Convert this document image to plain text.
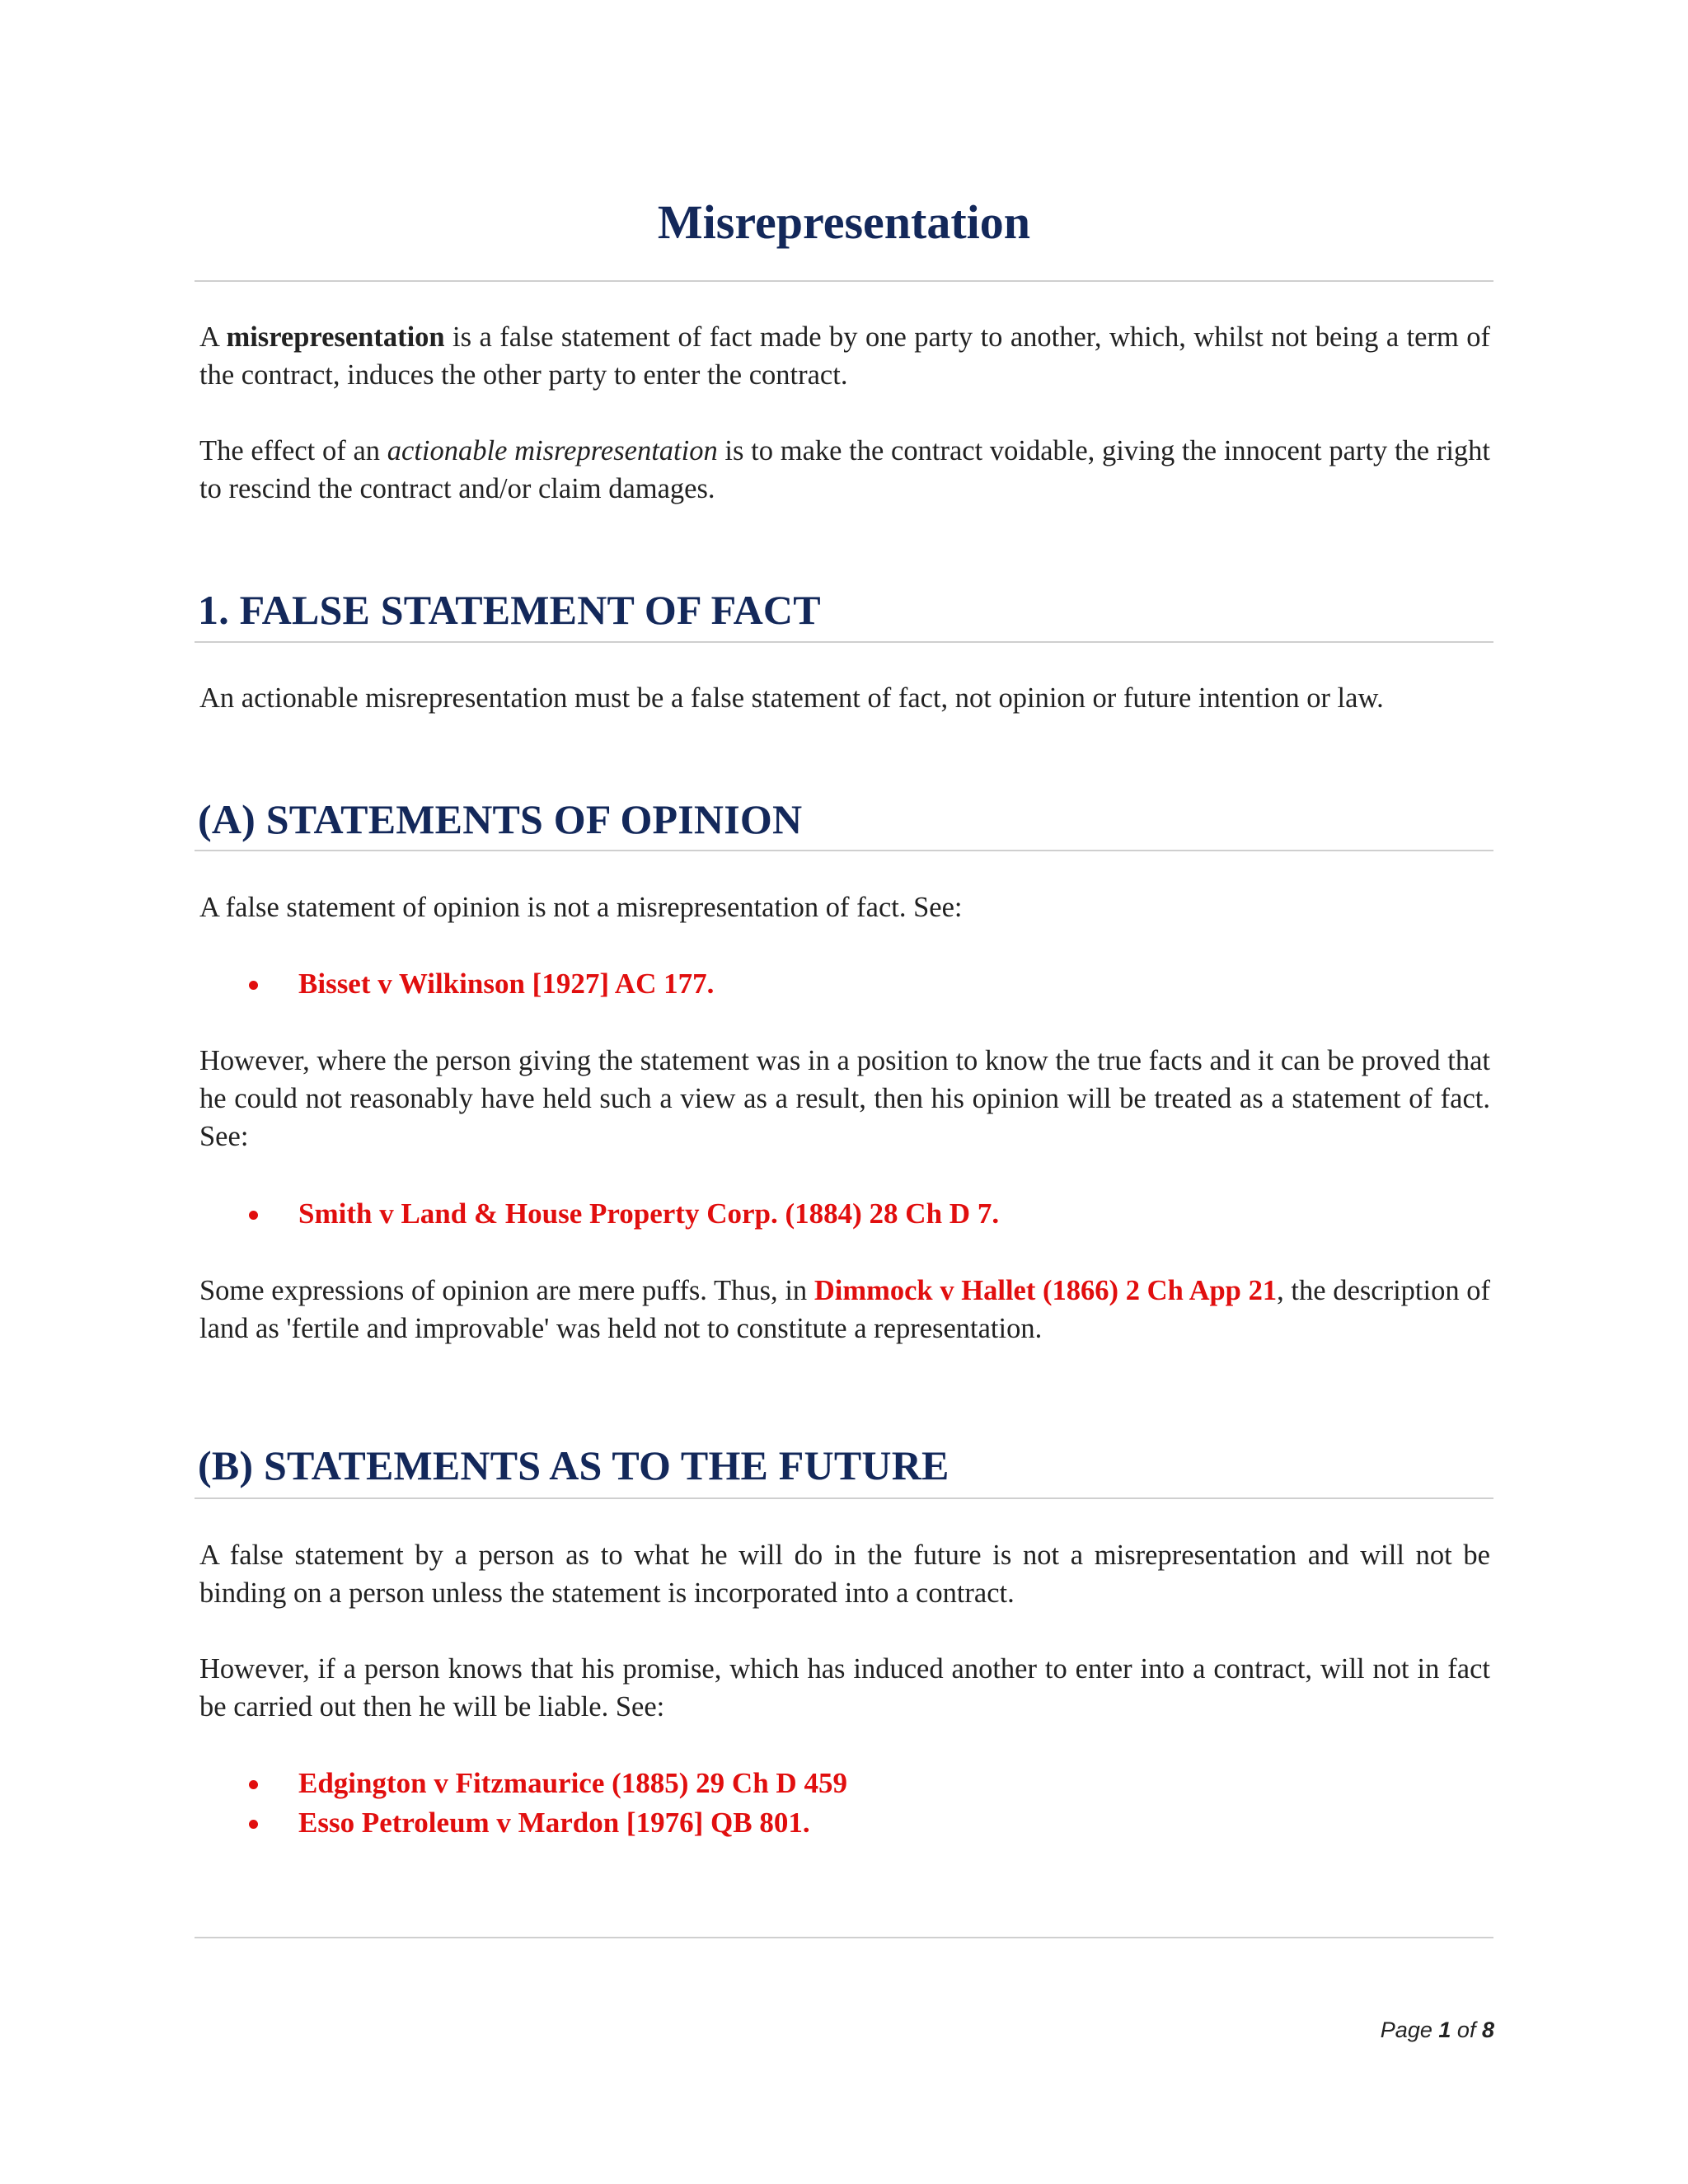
Misrepresentation

A misrepresentation is a false statement of fact made by one party to another, which, whilst not being a term of the contract, induces the other party to enter the contract.

The effect of an actionable misrepresentation is to make the contract voidable, giving the innocent party the right to rescind the contract and/or claim damages.

1. FALSE STATEMENT OF FACT

An actionable misrepresentation must be a false statement of fact, not opinion or future intention or law.

(A) STATEMENTS OF OPINION

A false statement of opinion is not a misrepresentation of fact. See:

Bisset v Wilkinson [1927] AC 177.

However, where the person giving the statement was in a position to know the true facts and it can be proved that he could not reasonably have held such a view as a result, then his opinion will be treated as a statement of fact. See:

Smith v Land & House Property Corp. (1884) 28 Ch D 7.

Some expressions of opinion are mere puffs. Thus, in Dimmock v Hallet (1866) 2 Ch App 21, the description of land as 'fertile and improvable' was held not to constitute a representation.

(B) STATEMENTS AS TO THE FUTURE

A false statement by a person as to what he will do in the future is not a misrepresentation and will not be binding on a person unless the statement is incorporated into a contract.

However, if a person knows that his promise, which has induced another to enter into a contract, will not in fact be carried out then he will be liable. See:

Edgington v Fitzmaurice (1885) 29 Ch D 459
Esso Petroleum v Mardon [1976] QB 801.
Page 1 of 8
